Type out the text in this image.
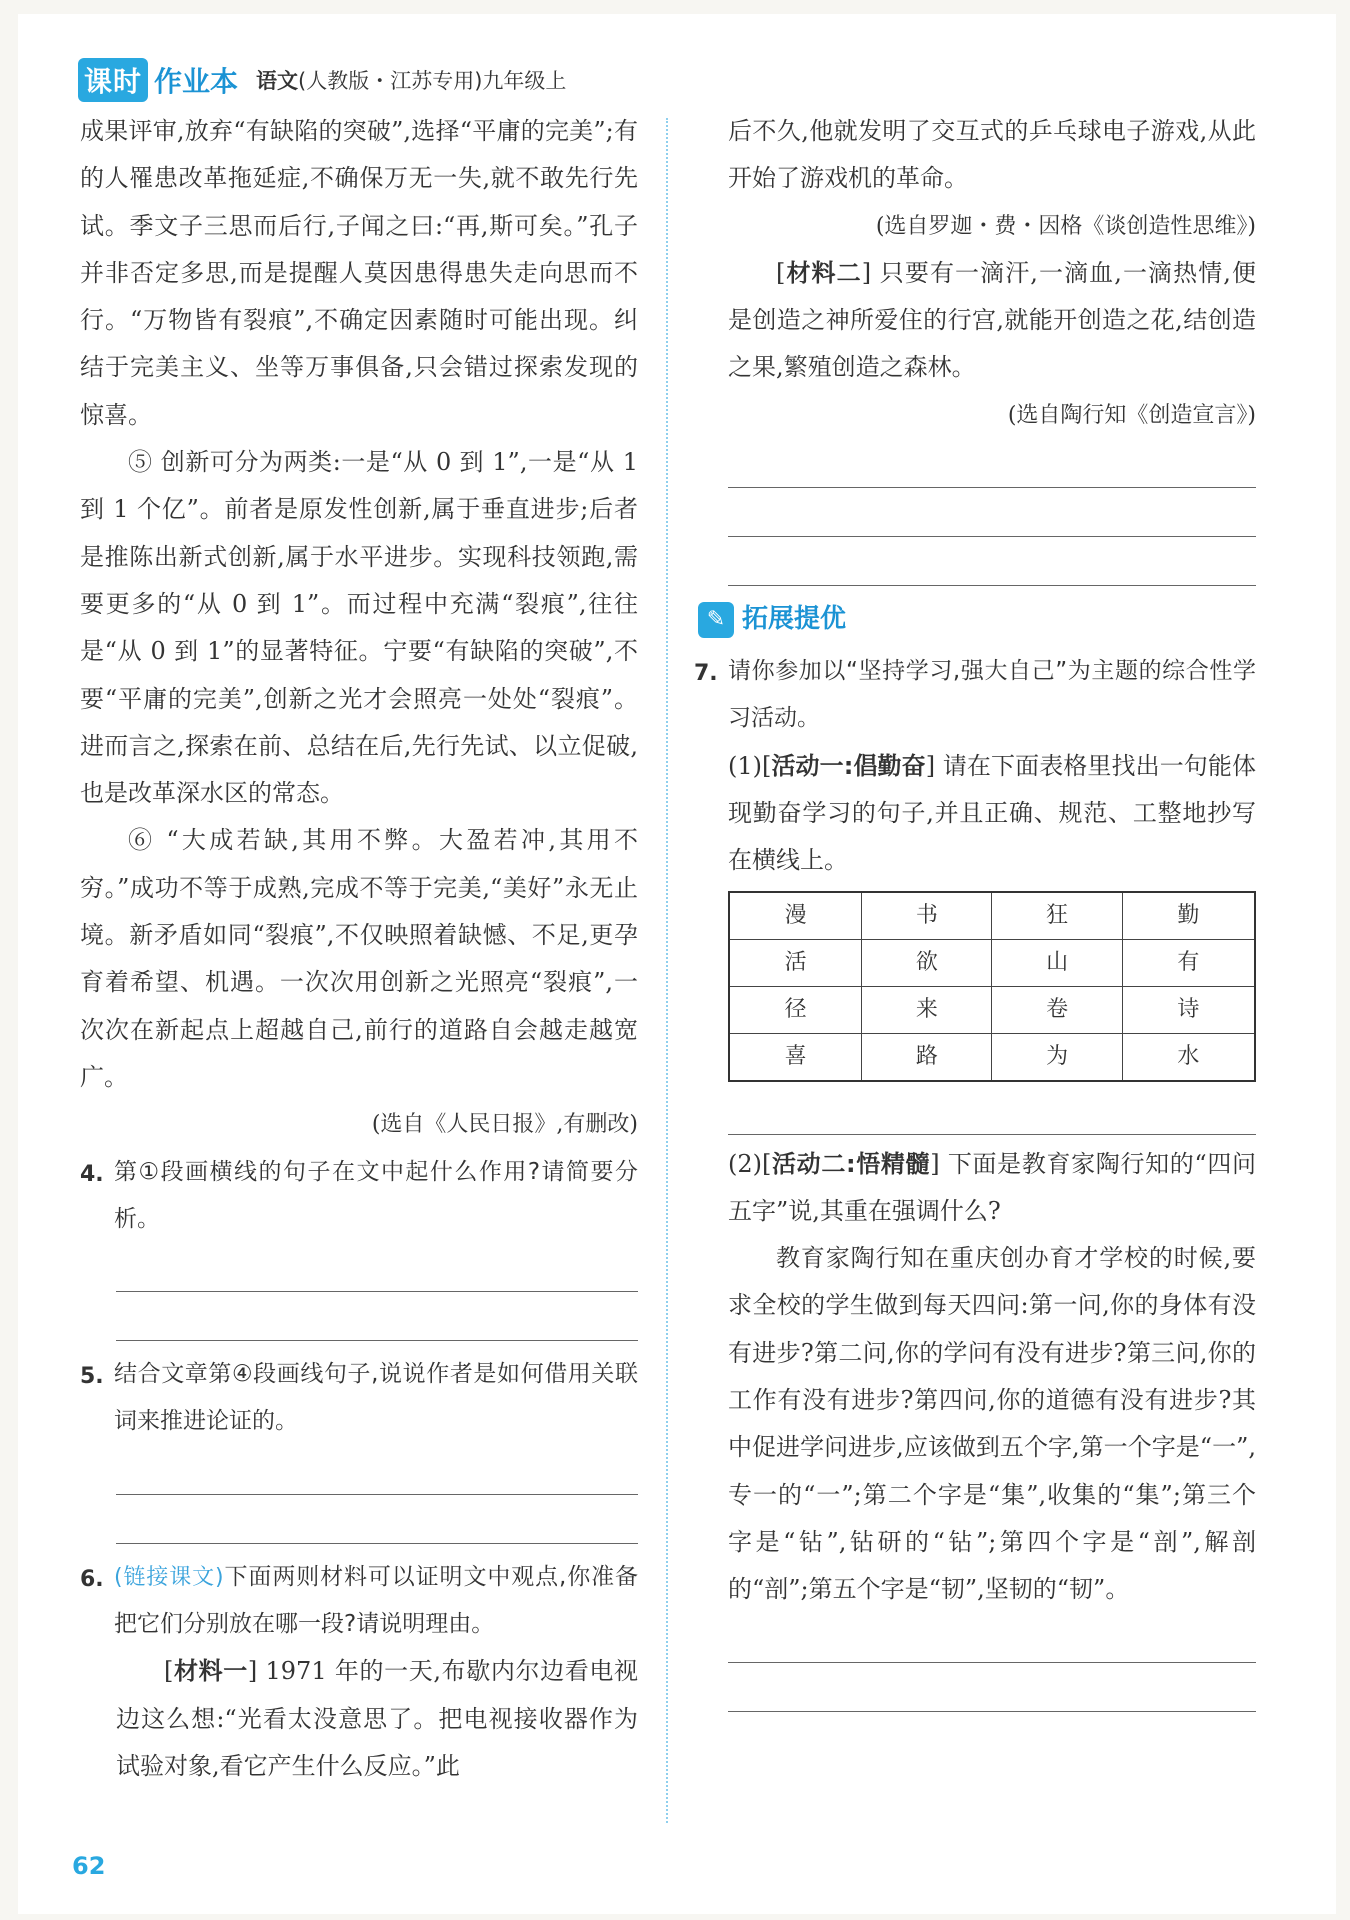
课时 作业本 语文(人教版・江苏专用)九年级上

成果评审,放弃“有缺陷的突破”,选择“平庸的完美”;有的人罹患改革拖延症,不确保万无一失,就不敢先行先试。季文子三思而后行,子闻之曰:“再,斯可矣。”孔子并非否定多思,而是提醒人莫因患得患失走向思而不行。“万物皆有裂痕”,不确定因素随时可能出现。纠结于完美主义、坐等万事俱备,只会错过探索发现的惊喜。

⑤ 创新可分为两类:一是“从 0 到 1”,一是“从 1 到 1 个亿”。前者是原发性创新,属于垂直进步;后者是推陈出新式创新,属于水平进步。实现科技领跑,需要更多的“从 0 到 1”。而过程中充满“裂痕”,往往是“从 0 到 1”的显著特征。宁要“有缺陷的突破”,不要“平庸的完美”,创新之光才会照亮一处处“裂痕”。进而言之,探索在前、总结在后,先行先试、以立促破,也是改革深水区的常态。

⑥ “大成若缺,其用不弊。大盈若冲,其用不穷。”成功不等于成熟,完成不等于完美,“美好”永无止境。新矛盾如同“裂痕”,不仅映照着缺憾、不足,更孕育着希望、机遇。一次次用创新之光照亮“裂痕”,一次次在新起点上超越自己,前行的道路自会越走越宽广。

(选自《人民日报》,有删改)

4. 第①段画横线的句子在文中起什么作用?请简要分析。
5. 结合文章第④段画线句子,说说作者是如何借用关联词来推进论证的。
6. (链接课文)下面两则材料可以证明文中观点,你准备把它们分别放在哪一段?请说明理由。

[材料一] 1971 年的一天,布歇内尔边看电视边这么想:“光看太没意思了。把电视接收器作为试验对象,看它产生什么反应。”此

后不久,他就发明了交互式的乒乓球电子游戏,从此开始了游戏机的革命。

(选自罗迦・费・因格《谈创造性思维》)

[材料二] 只要有一滴汗,一滴血,一滴热情,便是创造之神所爱住的行宫,就能开创造之花,结创造之果,繁殖创造之森林。

(选自陶行知《创造宣言》)

✎ 拓展提优
7. 请你参加以“坚持学习,强大自己”为主题的综合性学习活动。

(1)[活动一:倡勤奋] 请在下面表格里找出一句能体现勤奋学习的句子,并且正确、规范、工整地抄写在横线上。

漫	书	狂	勤
活	欲	山	有
径	来	卷	诗
喜	路	为	水

(2)[活动二:悟精髓] 下面是教育家陶行知的“四问五字”说,其重在强调什么?

教育家陶行知在重庆创办育才学校的时候,要求全校的学生做到每天四问:第一问,你的身体有没有进步?第二问,你的学问有没有进步?第三问,你的工作有没有进步?第四问,你的道德有没有进步?其中促进学问进步,应该做到五个字,第一个字是“一”,专一的“一”;第二个字是“集”,收集的“集”;第三个字是“钻”,钻研的“钻”;第四个字是“剖”,解剖的“剖”;第五个字是“韧”,坚韧的“韧”。

62
